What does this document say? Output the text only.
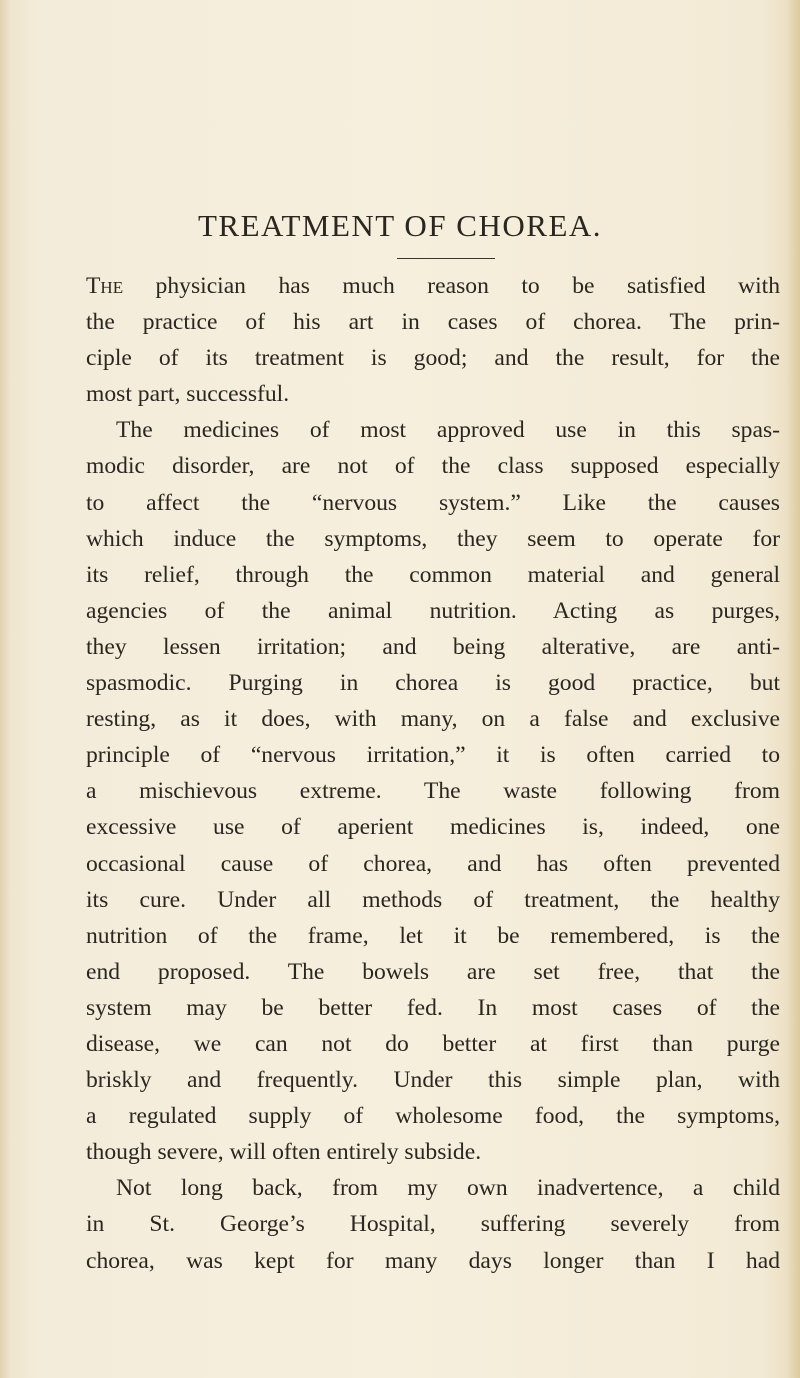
TREATMENT OF CHOREA.

The physician has much reason to be satisfied with
the practice of his art in cases of chorea. The prin-
ciple of its treatment is good; and the result, for the
most part, successful.

The medicines of most approved use in this spas-
modic disorder, are not of the class supposed especially
to affect the “nervous system.” Like the causes
which induce the symptoms, they seem to operate for
its relief, through the common material and general
agencies of the animal nutrition. Acting as purges,
they lessen irritation; and being alterative, are anti-
spasmodic. Purging in chorea is good practice, but
resting, as it does, with many, on a false and exclusive
principle of “nervous irritation,” it is often carried to
a mischievous extreme. The waste following from
excessive use of aperient medicines is, indeed, one
occasional cause of chorea, and has often prevented
its cure. Under all methods of treatment, the healthy
nutrition of the frame, let it be remembered, is the
end proposed. The bowels are set free, that the
system may be better fed. In most cases of the
disease, we can not do better at first than purge
briskly and frequently. Under this simple plan, with
a regulated supply of wholesome food, the symptoms,
though severe, will often entirely subside.

Not long back, from my own inadvertence, a child
in St. George’s Hospital, suffering severely from
chorea, was kept for many days longer than I had
